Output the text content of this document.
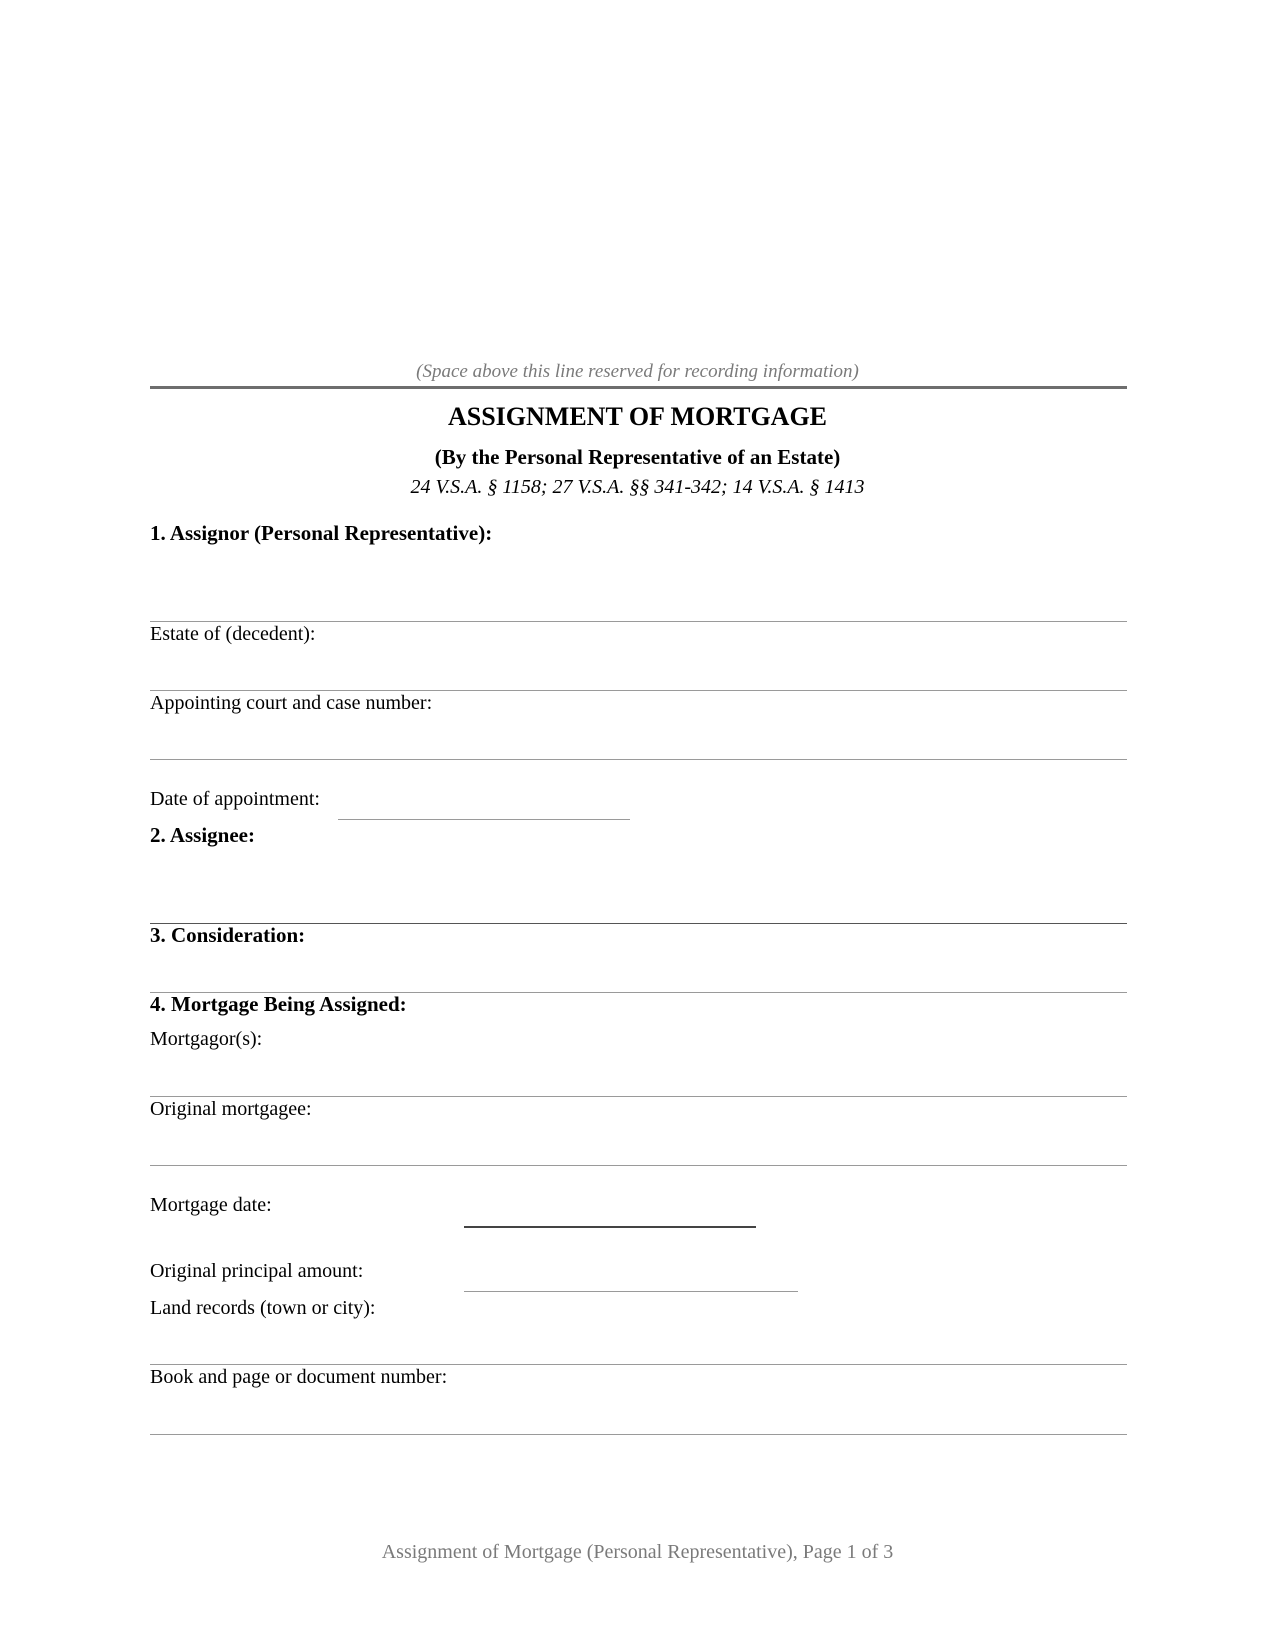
(Space above this line reserved for recording information)
ASSIGNMENT OF MORTGAGE
(By the Personal Representative of an Estate)
24 V.S.A. § 1158; 27 V.S.A. §§ 341-342; 14 V.S.A. § 1413
1. Assignor (Personal Representative):
Estate of (decedent):
Appointing court and case number:
Date of appointment:
2. Assignee:
3. Consideration:
4. Mortgage Being Assigned:
Mortgagor(s):
Original mortgagee:
Mortgage date:
Original principal amount:
Land records (town or city):
Book and page or document number:
Assignment of Mortgage (Personal Representative), Page 1 of 3
